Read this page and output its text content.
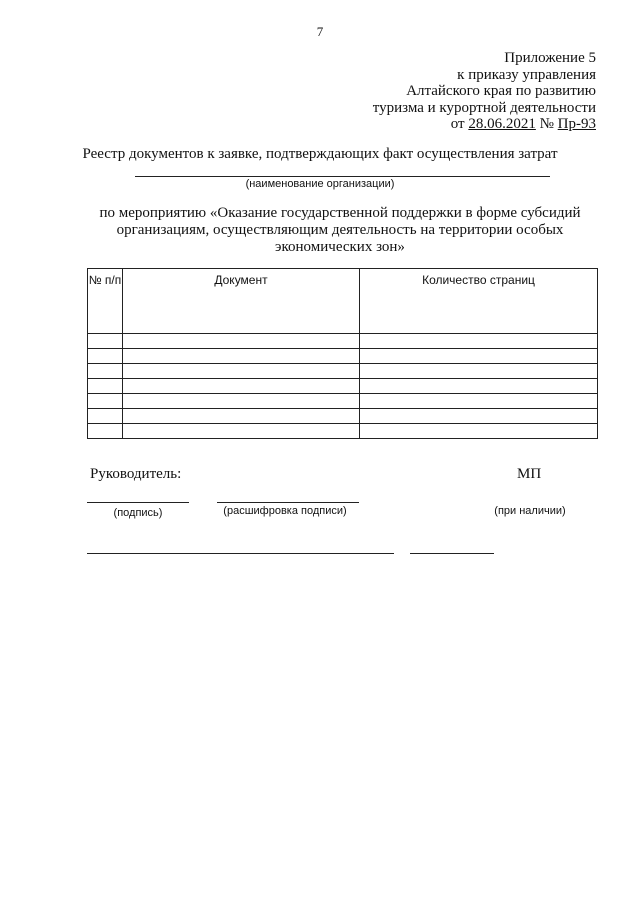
7
Приложение 5
к приказу управления
Алтайского края по развитию
туризма и курортной деятельности
от 28.06.2021 № Пр-93
Реестр документов к заявке, подтверждающих факт осуществления затрат
(наименование организации)
по мероприятию «Оказание государственной поддержки в форме субсидий организациям, осуществляющим деятельность на территории особых экономических зон»
№ п/п	Документ	Количество страниц

Руководитель:	МП
(подпись)	(расшифровка подписи)	(при наличии)
